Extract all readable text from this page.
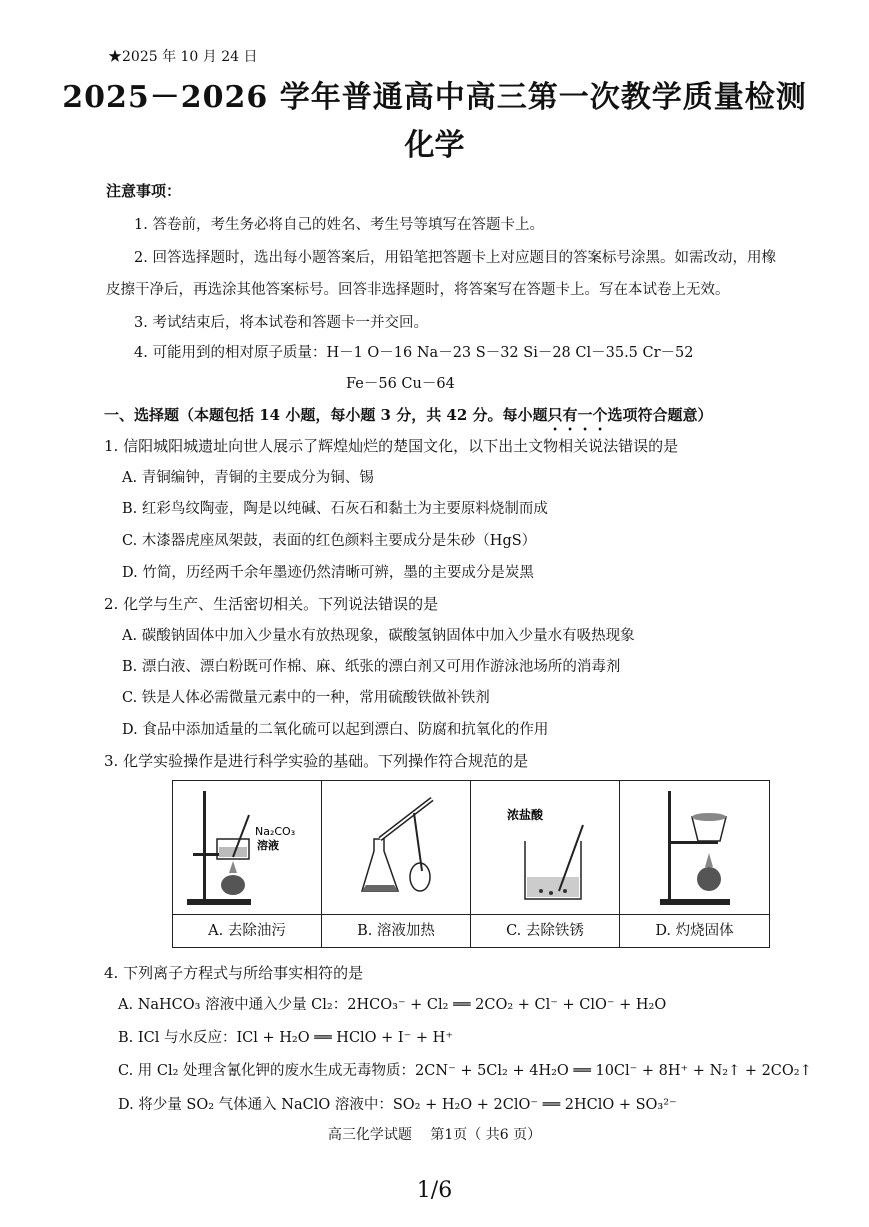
★2025 年 10 月 24 日
2025－2026 学年普通高中高三第一次教学质量检测
化学
注意事项：
1. 答卷前，考生务必将自己的姓名、考生号等填写在答题卡上。
2. 回答选择题时，选出每小题答案后，用铅笔把答题卡上对应题目的答案标号涂黑。如需改动，用橡
皮擦干净后，再选涂其他答案标号。回答非选择题时，将答案写在答题卡上。写在本试卷上无效。
3. 考试结束后，将本试卷和答题卡一并交回。
4. 可能用到的相对原子质量：H－1 O－16 Na－23 S－32 Si－28 Cl－35.5 Cr－52
Fe－56 Cu－64
一、选择题（本题包括 14 小题，每小题 3 分，共 42 分。每小题只有一个选项符合题意）
1. 信阳城阳城遗址向世人展示了辉煌灿烂的楚国文化，以下出土文物相关说法错误的是
A. 青铜编钟，青铜的主要成分为铜、锡
B. 红彩鸟纹陶壶，陶是以纯碱、石灰石和黏土为主要原料烧制而成
C. 木漆器虎座凤架鼓，表面的红色颜料主要成分是朱砂（HgS）
D. 竹简，历经两千余年墨迹仍然清晰可辨，墨的主要成分是炭黑
2. 化学与生产、生活密切相关。下列说法错误的是
A. 碳酸钠固体中加入少量水有放热现象，碳酸氢钠固体中加入少量水有吸热现象
B. 漂白液、漂白粉既可作棉、麻、纸张的漂白剂又可用作游泳池场所的消毒剂
C. 铁是人体必需微量元素中的一种，常用硫酸铁做补铁剂
D. 食品中添加适量的二氧化硫可以起到漂白、防腐和抗氧化的作用
3. 化学实验操作是进行科学实验的基础。下列操作符合规范的是
Na₂CO₃
溶液
A. 去除油污	B. 溶液加热
浓盐酸
C. 去除铁锈	D. 灼烧固体
4. 下列离子方程式与所给事实相符的是
A. NaHCO₃ 溶液中通入少量 Cl₂：2HCO₃⁻ + Cl₂ ══ 2CO₂ + Cl⁻ + ClO⁻ + H₂O
B. ICl 与水反应：ICl + H₂O ══ HClO + I⁻ + H⁺
C. 用 Cl₂ 处理含氰化钾的废水生成无毒物质：2CN⁻ + 5Cl₂ + 4H₂O ══ 10Cl⁻ + 8H⁺ + N₂↑ + 2CO₂↑
D. 将少量 SO₂ 气体通入 NaClO 溶液中：SO₂ + H₂O + 2ClO⁻ ══ 2HClO + SO₃²⁻
高三化学试题　 第1页（ 共6 页）
1/6
